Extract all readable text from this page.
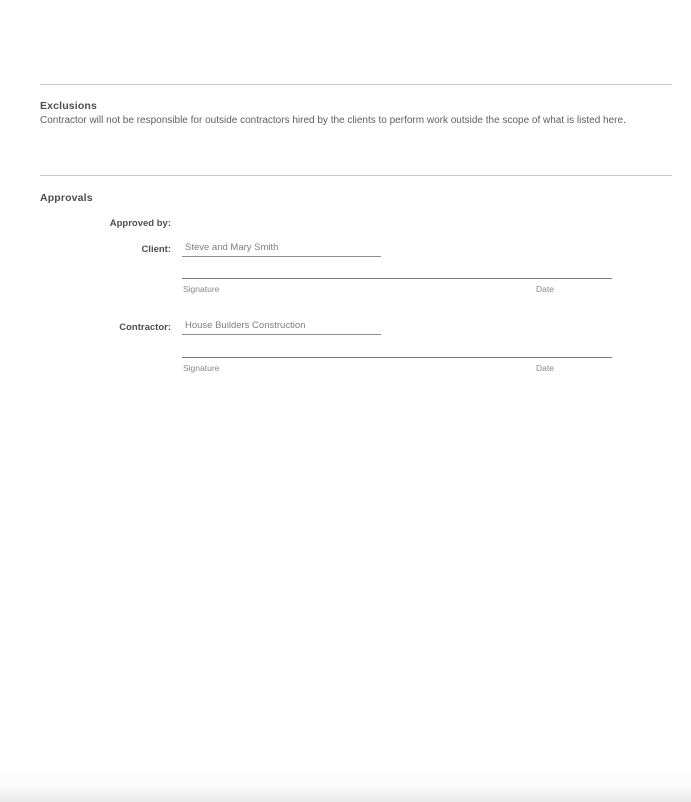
Exclusions
Contractor will not be responsible for outside contractors hired by the clients to perform work outside the scope of what is listed here.
Approvals
Approved by:
Client: Steve and Mary Smith
Signature	Date
Contractor: House Builders Construction
Signature	Date
